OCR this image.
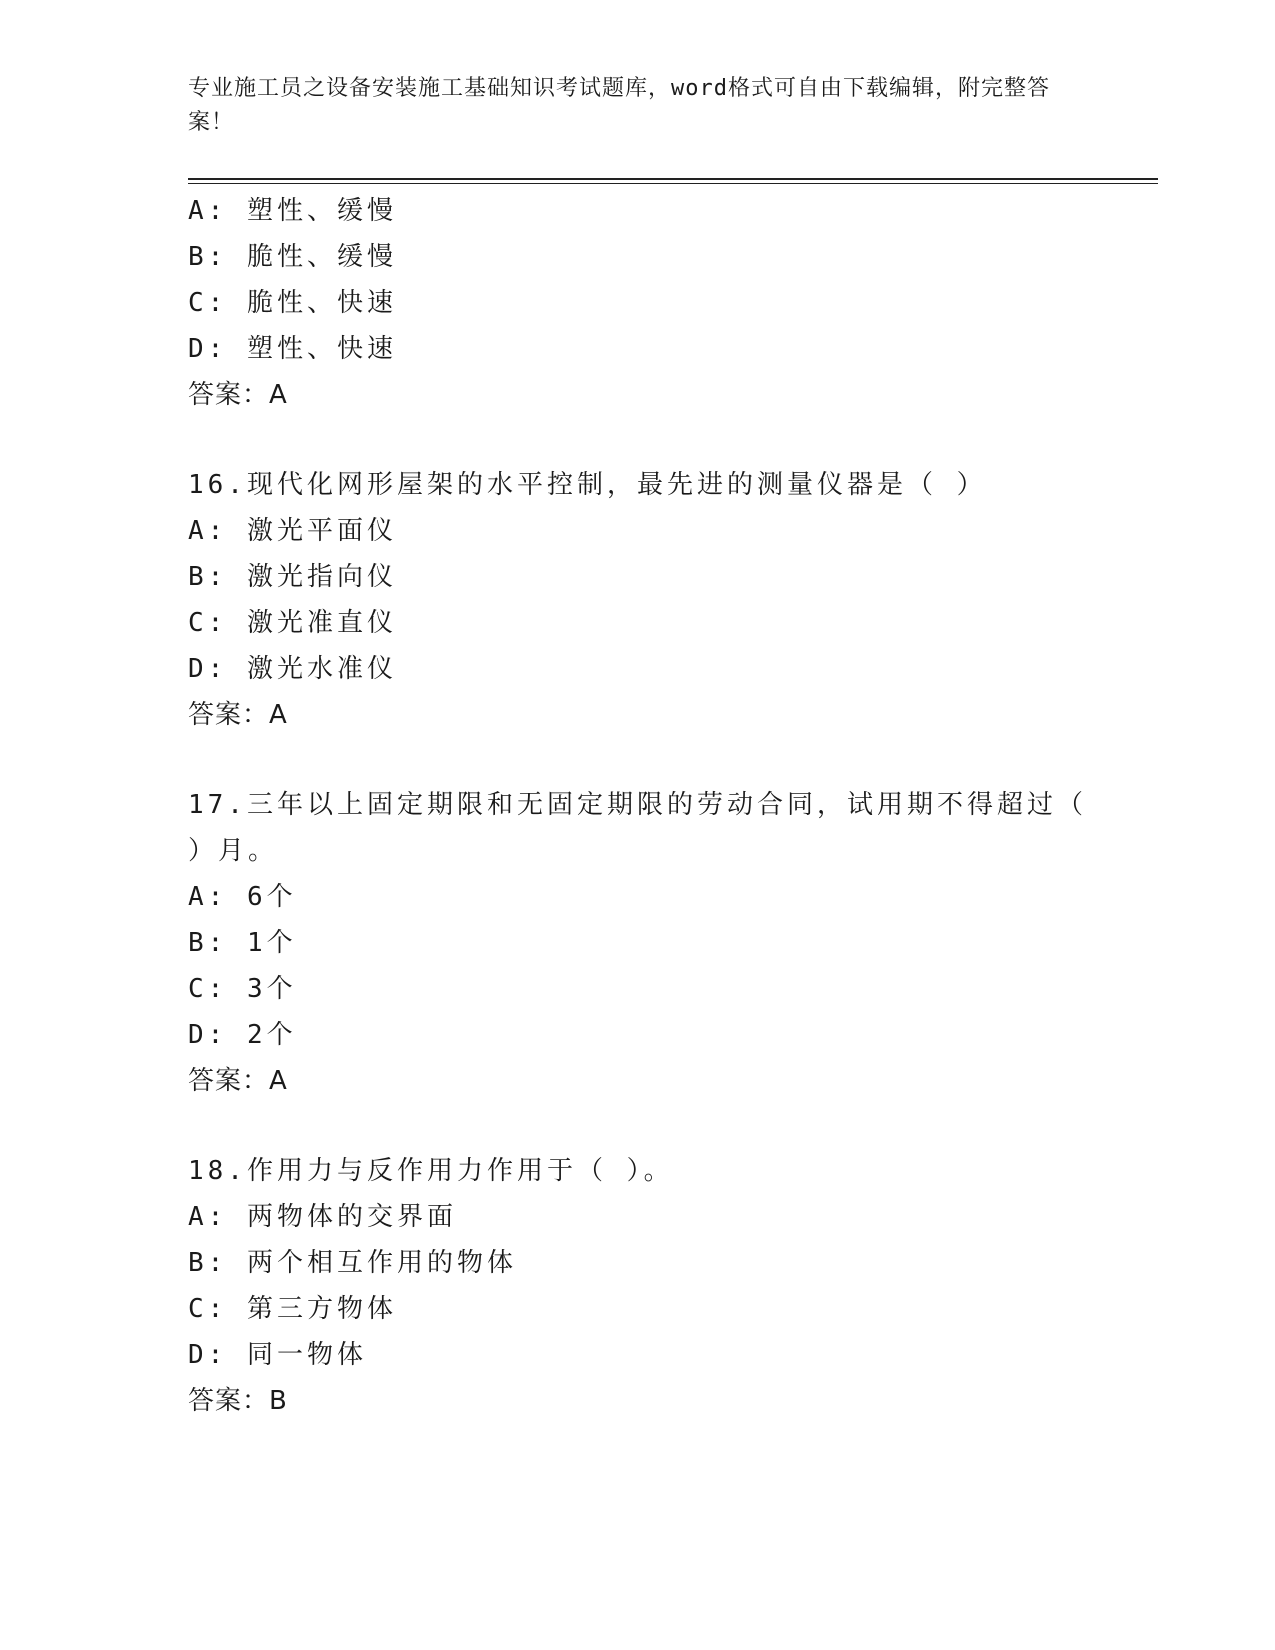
专业施工员之设备安装施工基础知识考试题库，word格式可自由下载编辑，附完整答案！
A: 塑性、缓慢
B: 脆性、缓慢
C: 脆性、快速
D: 塑性、快速
答案：A
16.现代化网形屋架的水平控制，最先进的测量仪器是（ ）
A: 激光平面仪
B: 激光指向仪
C: 激光准直仪
D: 激光水准仪
答案：A
17.三年以上固定期限和无固定期限的劳动合同，试用期不得超过（ ）月。
A: 6个
B: 1个
C: 3个
D: 2个
答案：A
18.作用力与反作用力作用于（ ）。
A: 两物体的交界面
B: 两个相互作用的物体
C: 第三方物体
D: 同一物体
答案：B
